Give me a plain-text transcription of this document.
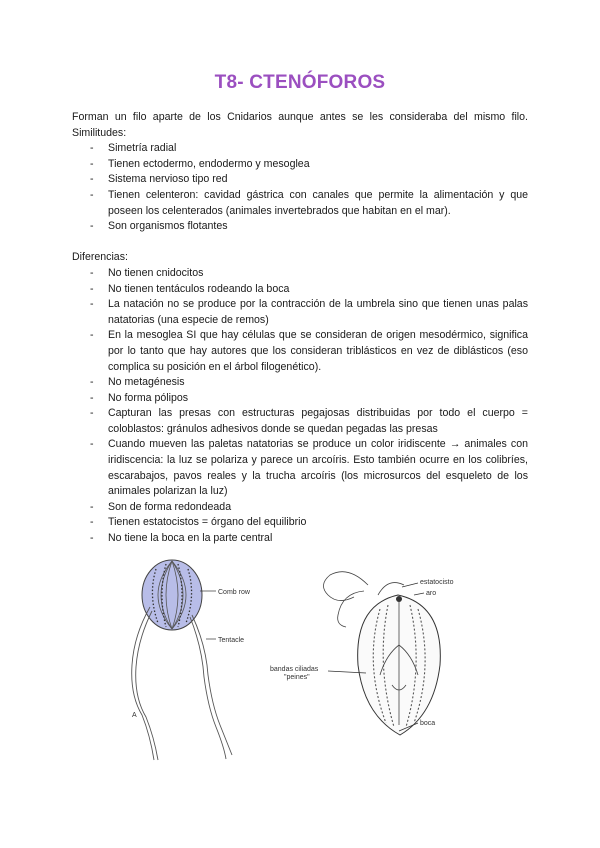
T8- CTENÓFOROS

Forman un filo aparte de los Cnidarios aunque antes se les consideraba del mismo filo.

Similitudes:

- Simetría radial
- Tienen ectodermo, endodermo y mesoglea
- Sistema nervioso tipo red
- Tienen celenteron: cavidad gástrica con canales que permite la alimentación y que poseen los celenterados (animales invertebrados que habitan en el mar).
- Son organismos flotantes

Diferencias:

- No tienen cnidocitos
- No tienen tentáculos rodeando la boca
- La natación no se produce por la contracción de la umbrela sino que tienen unas palas natatorias (una especie de remos)
- En la mesoglea SI que hay células que se consideran de origen mesodérmico, significa por lo tanto que hay autores que los consideran triblásticos en vez de diblásticos (eso complica su posición en el árbol filogenético).
- No metagénesis
- No forma pólipos
- Capturan las presas con estructuras pegajosas distribuidas por todo el cuerpo = coloblastos: gránulos adhesivos donde se quedan pegadas las presas
- Cuando mueven las paletas natatorias se produce un color iridiscente → animales con iridiscencia: la luz se polariza y parece un arcoíris. Esto también ocurre en los colibríes, escarabajos, pavos reales y la trucha arcoíris (los microsurcos del esqueleto de los animales polarizan la luz)
- Son de forma redondeada
- Tienen estatocistos = órgano del equilibrio
- No tiene la boca en la parte central
Comb row
Tentacle
A
estatocisto
aro
bandas ciliadas
"peines"
boca
